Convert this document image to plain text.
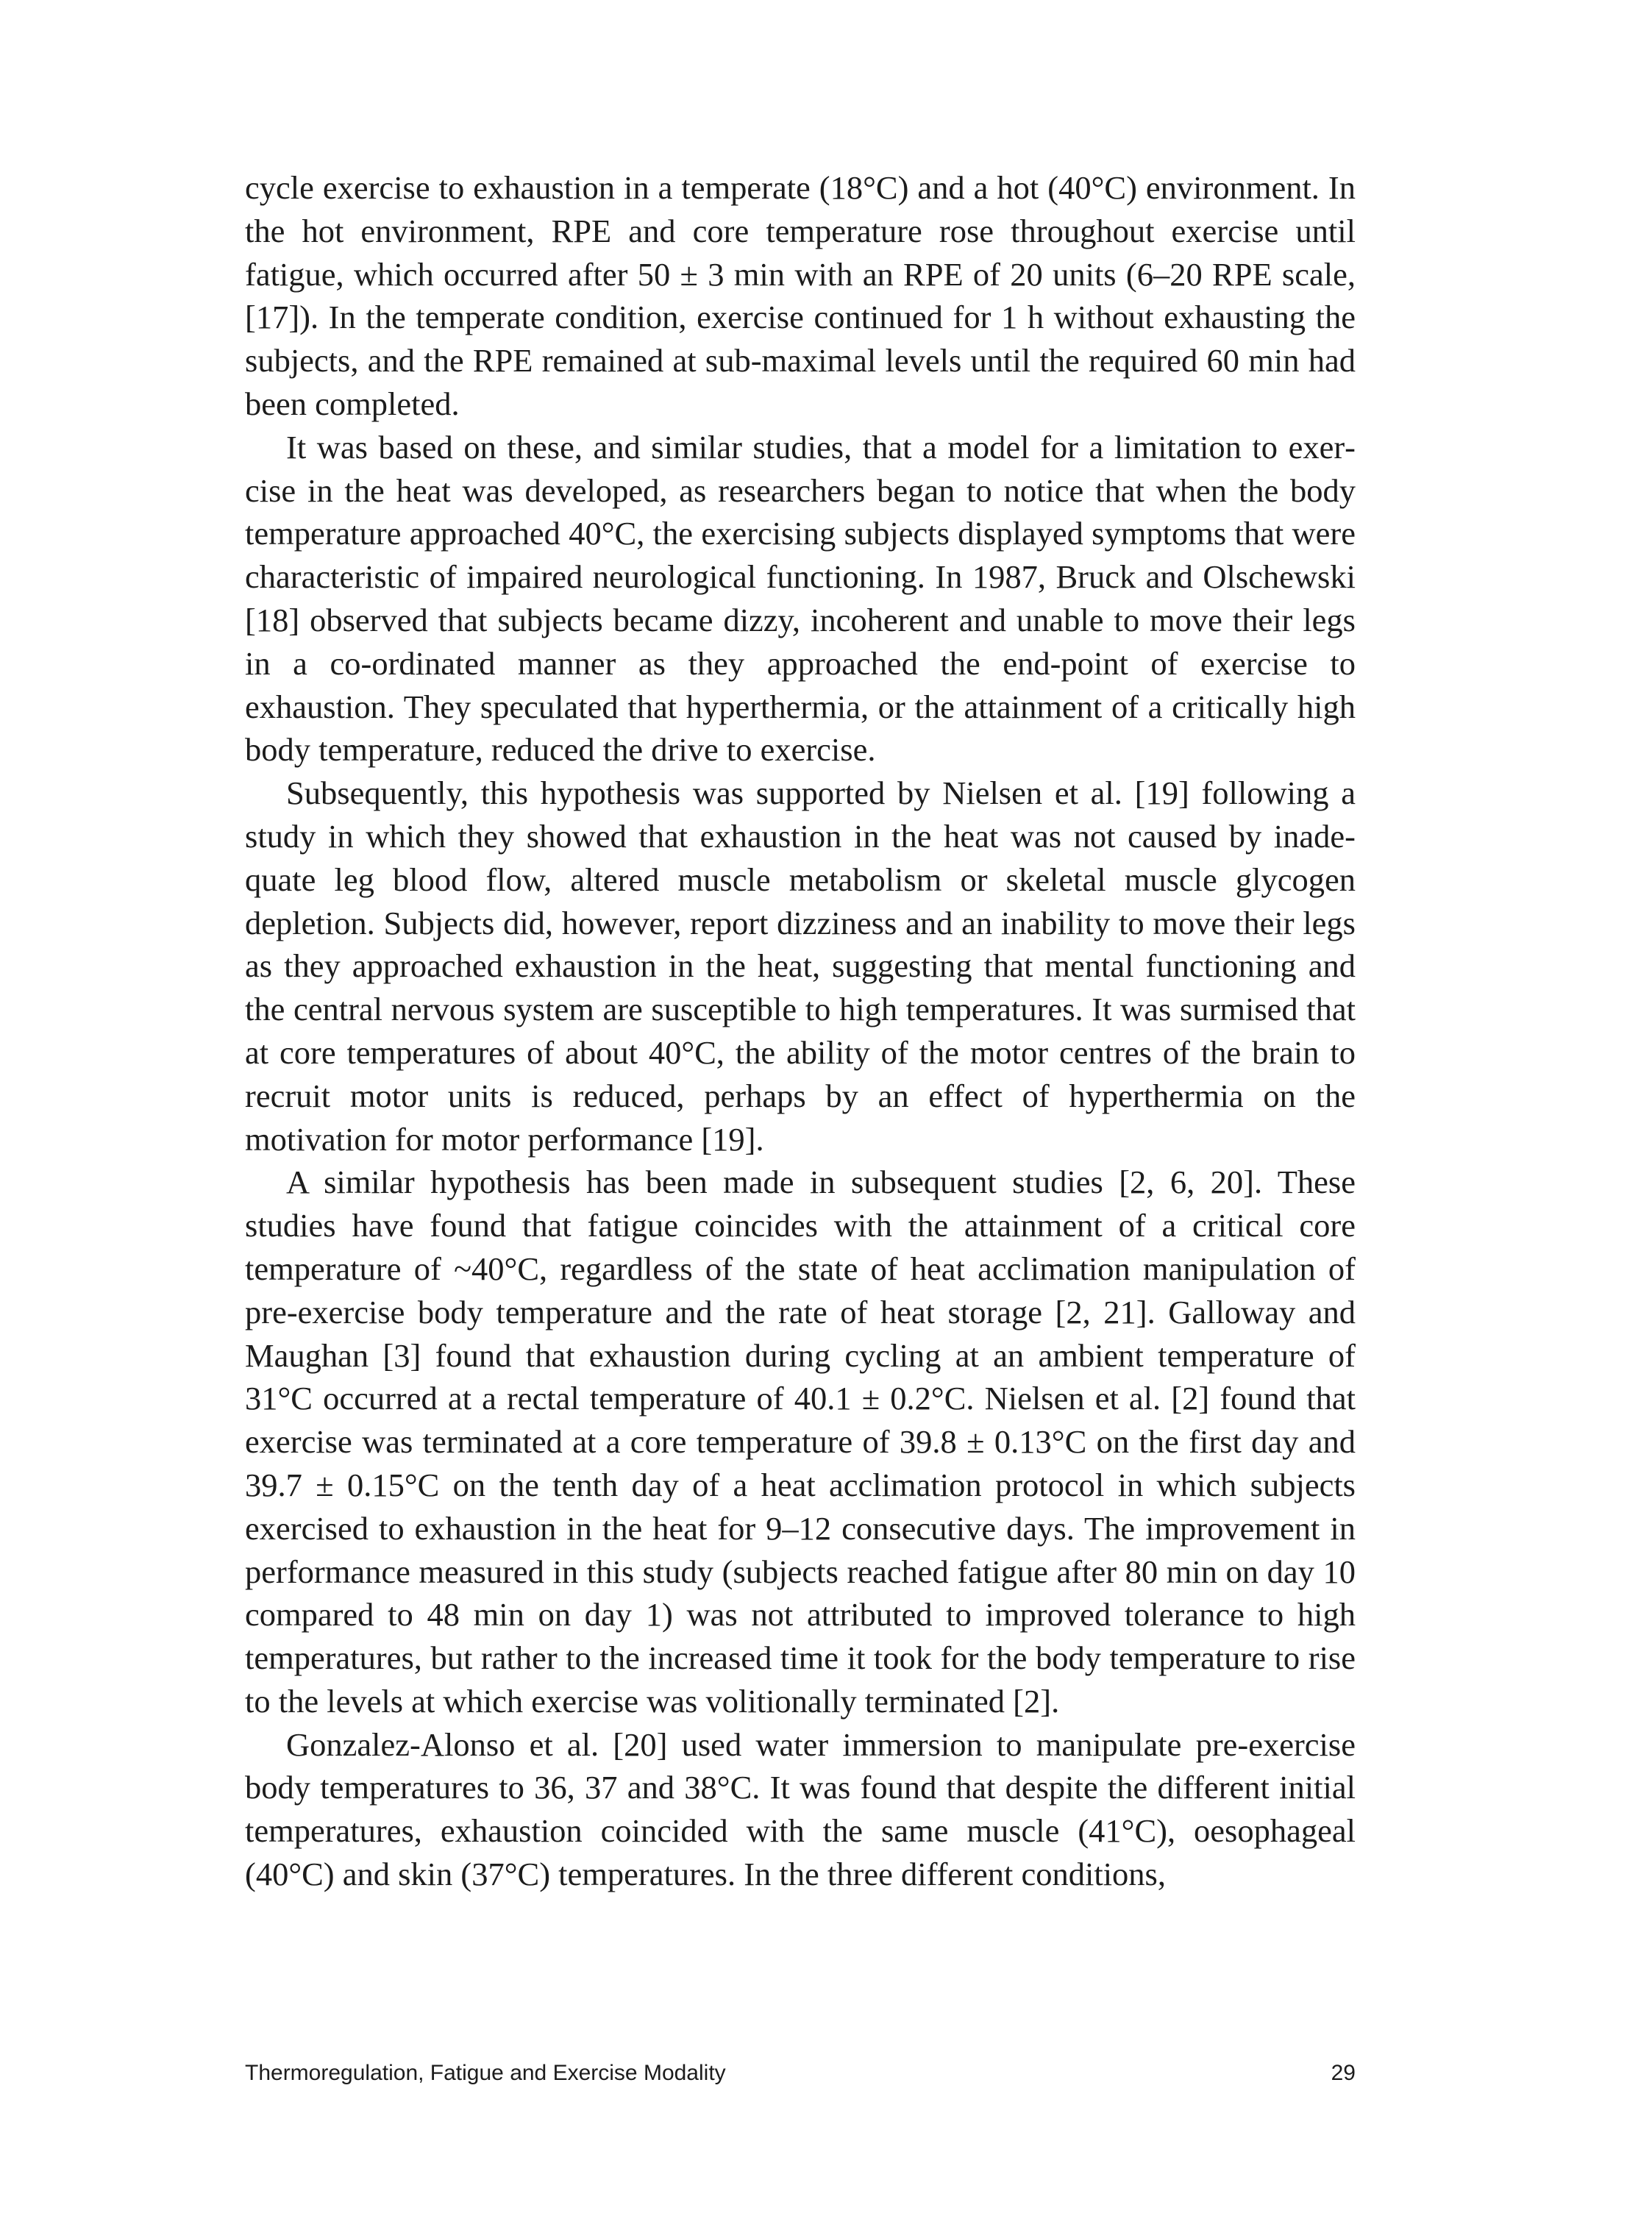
cycle exercise to exhaustion in a temperate (18°C) and a hot (40°C) environment. In the hot environment, RPE and core temperature rose throughout exercise until fatigue, which occurred after 50 ± 3 min with an RPE of 20 units (6–20 RPE scale, [17]). In the temperate condition, exercise continued for 1 h without exhausting the subjects, and the RPE remained at sub-maximal levels until the required 60 min had been completed.

It was based on these, and similar studies, that a model for a limitation to exercise in the heat was developed, as researchers began to notice that when the body temperature approached 40°C, the exercising subjects displayed symptoms that were characteristic of impaired neurological functioning. In 1987, Bruck and Olschewski [18] observed that subjects became dizzy, incoherent and unable to move their legs in a co-ordinated manner as they approached the end-point of exercise to exhaustion. They speculated that hyperthermia, or the attainment of a critically high body temperature, reduced the drive to exercise.

Subsequently, this hypothesis was supported by Nielsen et al. [19] following a study in which they showed that exhaustion in the heat was not caused by inadequate leg blood flow, altered muscle metabolism or skeletal muscle glycogen depletion. Subjects did, however, report dizziness and an inability to move their legs as they approached exhaustion in the heat, suggesting that mental functioning and the central nervous system are susceptible to high temperatures. It was surmised that at core temperatures of about 40°C, the ability of the motor centres of the brain to recruit motor units is reduced, perhaps by an effect of hyperthermia on the motivation for motor performance [19].

A similar hypothesis has been made in subsequent studies [2, 6, 20]. These studies have found that fatigue coincides with the attainment of a critical core temperature of ~40°C, regardless of the state of heat acclimation manipulation of pre-exercise body temperature and the rate of heat storage [2, 21]. Galloway and Maughan [3] found that exhaustion during cycling at an ambient temperature of 31°C occurred at a rectal temperature of 40.1 ± 0.2°C. Nielsen et al. [2] found that exercise was terminated at a core temperature of 39.8 ± 0.13°C on the first day and 39.7 ± 0.15°C on the tenth day of a heat acclimation protocol in which subjects exercised to exhaustion in the heat for 9–12 consecutive days. The improvement in performance measured in this study (subjects reached fatigue after 80 min on day 10 compared to 48 min on day 1) was not attributed to improved tolerance to high temperatures, but rather to the increased time it took for the body temperature to rise to the levels at which exercise was volitionally terminated [2].

Gonzalez-Alonso et al. [20] used water immersion to manipulate pre-exercise body temperatures to 36, 37 and 38°C. It was found that despite the different initial temperatures, exhaustion coincided with the same muscle (41°C), oesophageal (40°C) and skin (37°C) temperatures. In the three different conditions,

Thermoregulation, Fatigue and Exercise Modality	29
